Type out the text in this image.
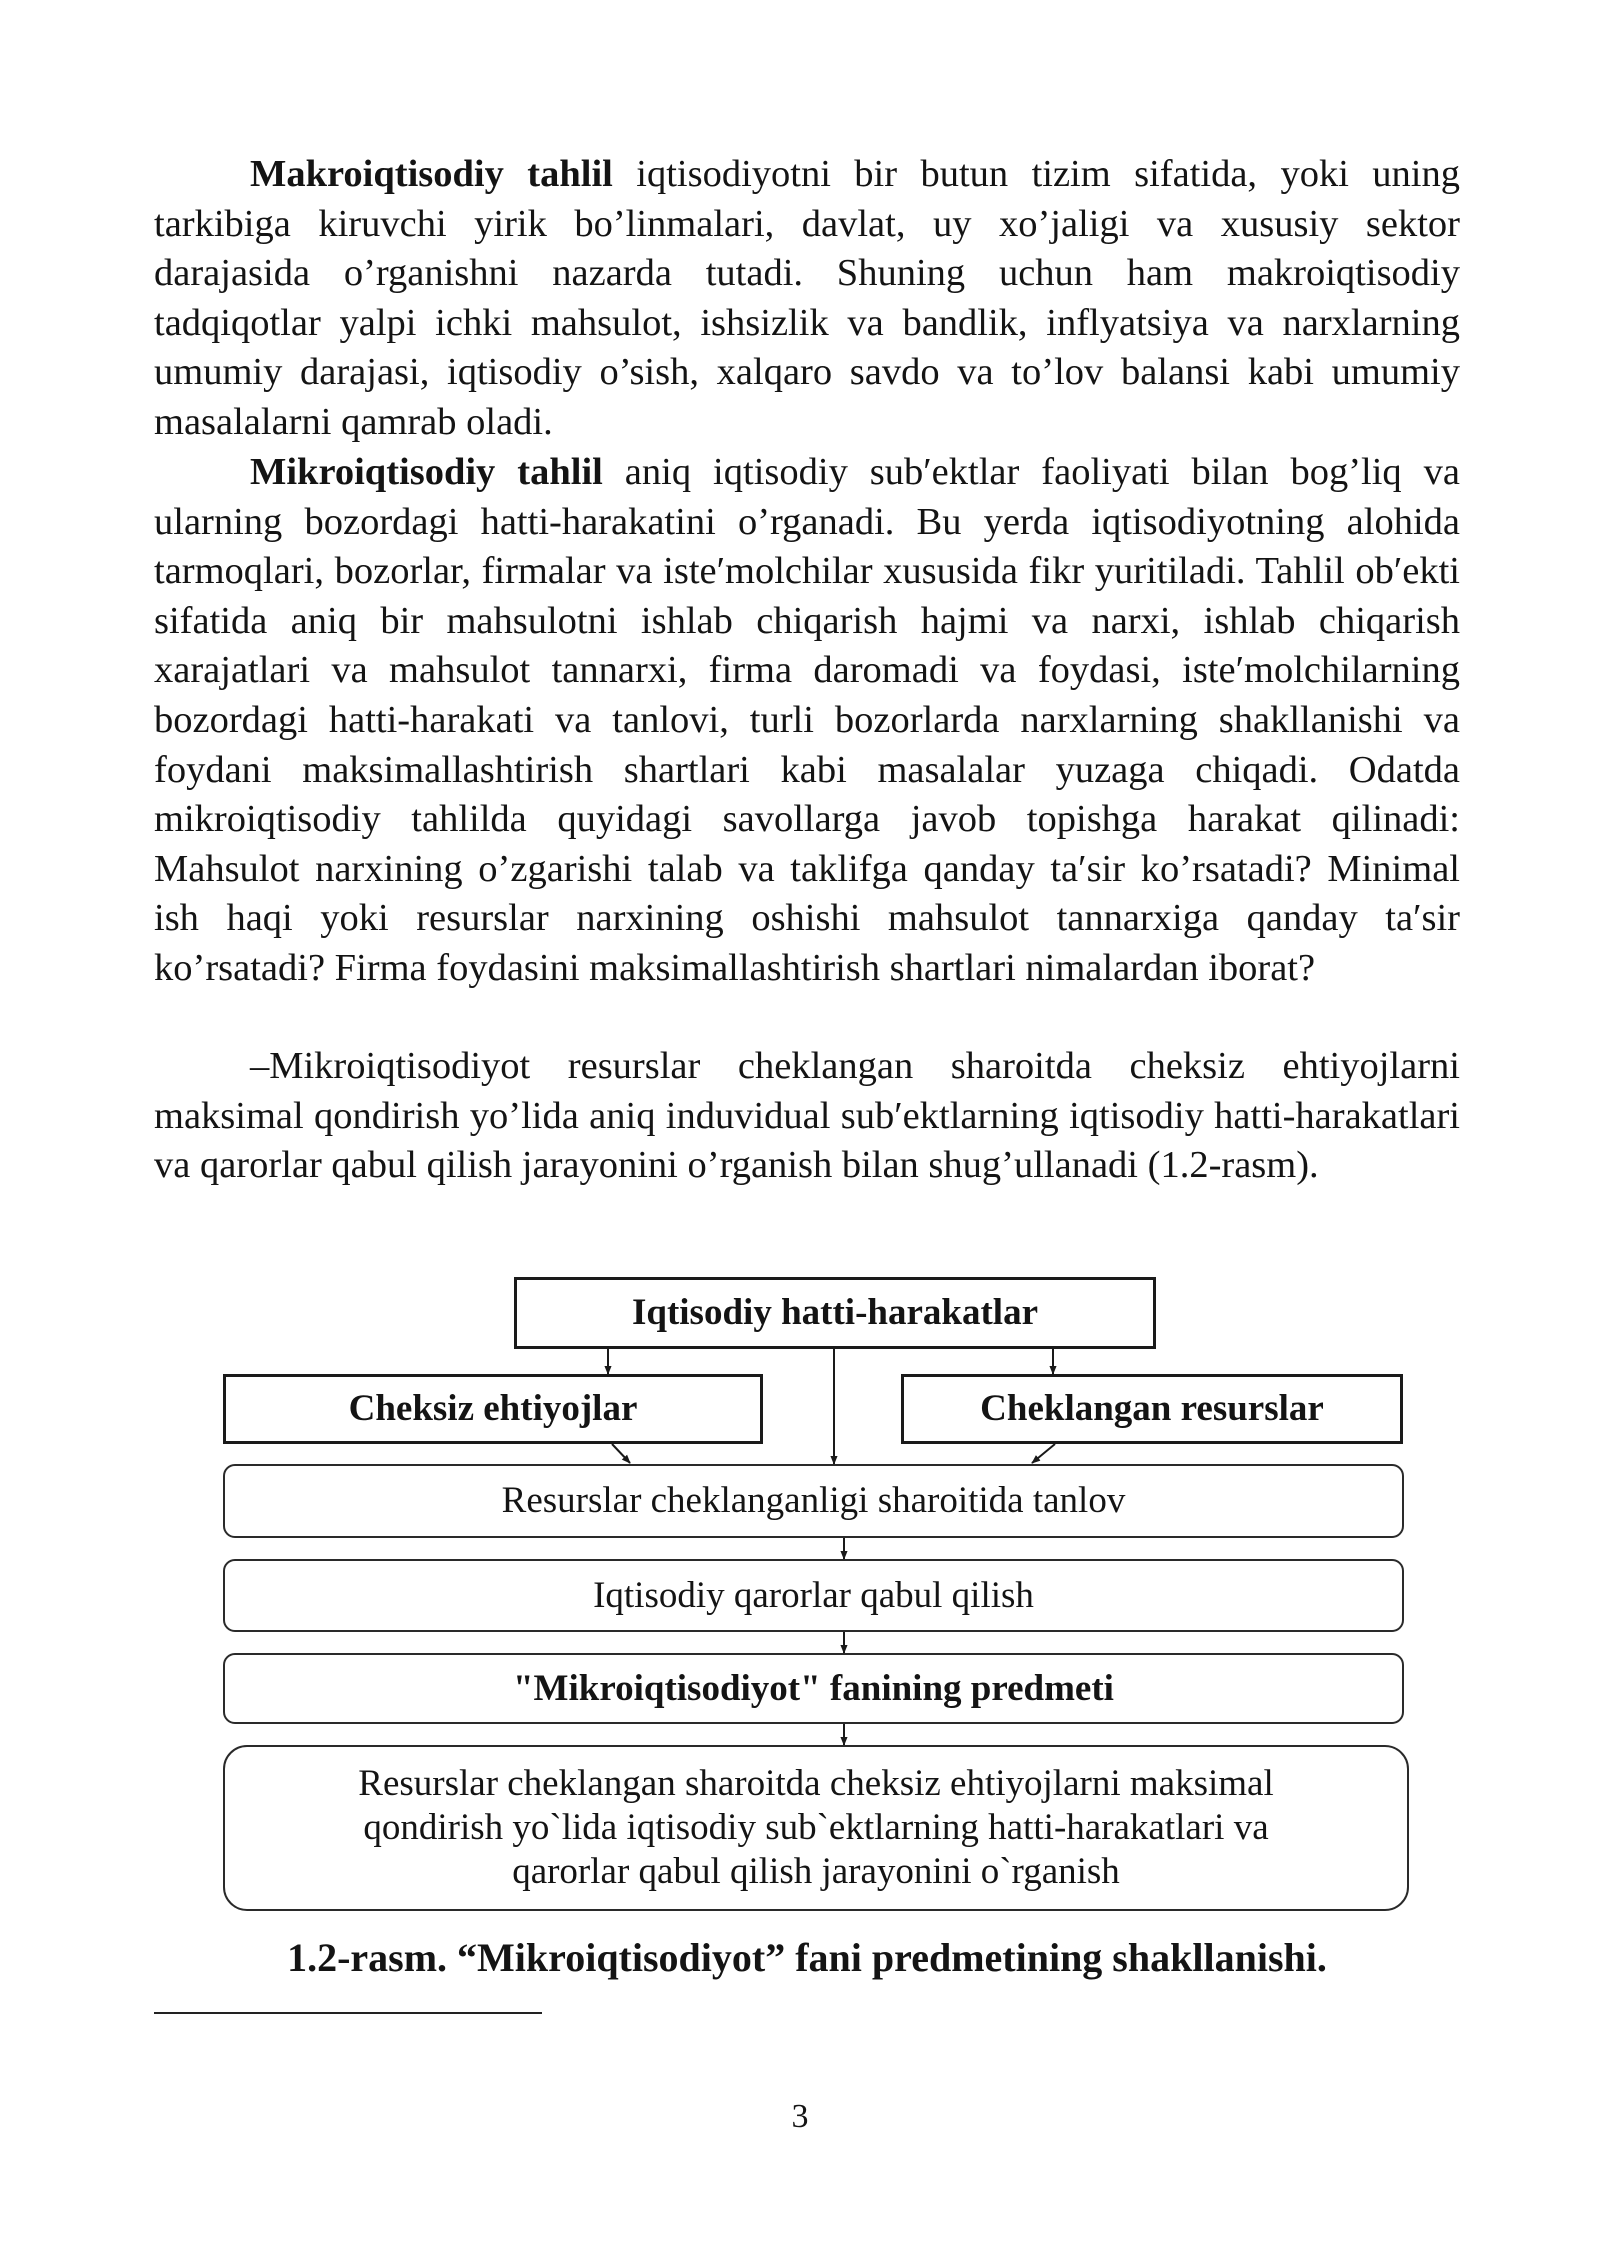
Makroiqtisodiy tahlil iqtisodiyotni bir butun tizim sifatida, yoki uning tarkibiga kiruvchi yirik bo’linmalari, davlat, uy xo’jaligi va xususiy sektor darajasida o’rganishni nazarda tutadi. Shuning uchun ham makroiqtisodiy tadqiqotlar yalpi ichki mahsulot, ishsizlik va bandlik, inflyatsiya va narxlarning umumiy darajasi, iqtisodiy o’sish, xalqaro savdo va to’lov balansi kabi umumiy masalalarni qamrab oladi.

Mikroiqtisodiy tahlil aniq iqtisodiy sub′ektlar faoliyati bilan bog’liq va ularning bozordagi hatti-harakatini o’rganadi. Bu yerda iqtisodiyotning alohida tarmoqlari, bozorlar, firmalar va iste′molchilar xususida fikr yuritiladi. Tahlil ob′ekti sifatida aniq bir mahsulotni ishlab chiqarish hajmi va narxi, ishlab chiqarish xarajatlari va mahsulot tannarxi, firma daromadi va foydasi, iste′molchilarning bozordagi hatti-harakati va tanlovi, turli bozorlarda narxlarning shakllanishi va foydani maksimallashtirish shartlari kabi masalalar yuzaga chiqadi. Odatda mikroiqtisodiy tahlilda quyidagi savollarga javob topishga harakat qilinadi: Mahsulot narxining o’zgarishi talab va taklifga qanday ta′sir ko’rsatadi? Minimal ish haqi yoki resurslar narxining oshishi mahsulot tannarxiga qanday ta′sir ko’rsatadi? Firma foydasini maksimallashtirish shartlari nimalardan iborat?

–Mikroiqtisodiyot resurslar cheklangan sharoitda cheksiz ehtiyojlarni maksimal qondirish yo’lida aniq induvidual sub′ektlarning iqtisodiy hatti-harakatlari va qarorlar qabul qilish jarayonini o’rganish bilan shug’ullanadi (1.2-rasm).

Iqtisodiy hatti-harakatlar
Cheksiz ehtiyojlar	Cheklangan resurslar
Resurslar cheklanganligi sharoitida tanlov
Iqtisodiy qarorlar qabul qilish
"Mikroiqtisodiyot" fanining predmeti
Resurslar cheklangan sharoitda cheksiz ehtiyojlarni maksimal
qondirish yo`lida iqtisodiy sub`ektlarning hatti-harakatlari va
qarorlar qabul qilish jarayonini o`rganish

1.2-rasm. “Mikroiqtisodiyot” fani predmetining shakllanishi.

3
